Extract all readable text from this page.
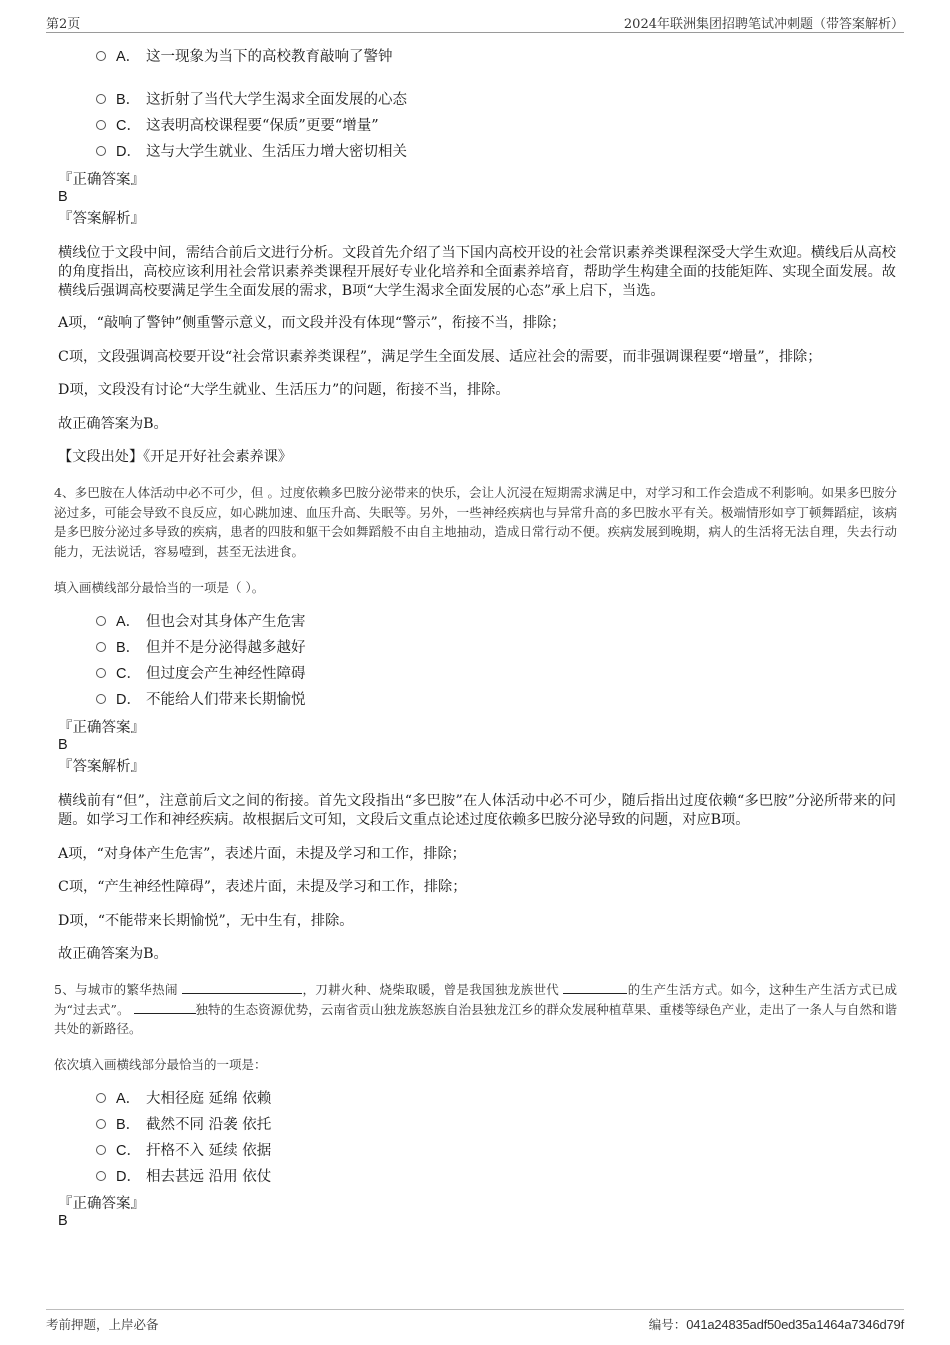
第2页	2024年联洲集团招聘笔试冲刺题（带答案解析）
A． 这一现象为当下的高校教育敲响了警钟
B． 这折射了当代大学生渴求全面发展的心态
C． 这表明高校课程要“保质”更要“增量”
D． 这与大学生就业、生活压力增大密切相关
『正确答案』
B
『答案解析』
横线位于文段中间，需结合前后文进行分析。文段首先介绍了当下国内高校开设的社会常识素养类课程深受大学生欢迎。横线后从高校的角度指出，高校应该利用社会常识素养类课程开展好专业化培养和全面素养培育，帮助学生构建全面的技能矩阵、实现全面发展。故横线后强调高校要满足学生全面发展的需求，B项“大学生渴求全面发展的心态”承上启下，当选。
A项，“敲响了警钟”侧重警示意义，而文段并没有体现“警示”，衔接不当，排除；
C项，文段强调高校要开设“社会常识素养类课程”，满足学生全面发展、适应社会的需要，而非强调课程要“增量”，排除；
D项，文段没有讨论“大学生就业、生活压力”的问题，衔接不当，排除。
故正确答案为B。
【文段出处】《开足开好社会素养课》
4、多巴胺在人体活动中必不可少，但 。过度依赖多巴胺分泌带来的快乐，会让人沉浸在短期需求满足中，对学习和工作会造成不利影响。如果多巴胺分泌过多，可能会导致不良反应，如心跳加速、血压升高、失眠等。另外，一些神经疾病也与异常升高的多巴胺水平有关。极端情形如亨丁顿舞蹈症，该病是多巴胺分泌过多导致的疾病，患者的四肢和躯干会如舞蹈般不由自主地抽动，造成日常行动不便。疾病发展到晚期，病人的生活将无法自理，失去行动能力，无法说话，容易噎到，甚至无法进食。
填入画横线部分最恰当的一项是（ ）。
A． 但也会对其身体产生危害
B． 但并不是分泌得越多越好
C． 但过度会产生神经性障碍
D． 不能给人们带来长期愉悦
『正确答案』
B
『答案解析』
横线前有“但”，注意前后文之间的衔接。首先文段指出“多巴胺”在人体活动中必不可少，随后指出过度依赖“多巴胺”分泌所带来的问题。如学习工作和神经疾病。故根据后文可知，文段后文重点论述过度依赖多巴胺分泌导致的问题，对应B项。
A项，“对身体产生危害”，表述片面，未提及学习和工作，排除；
C项，“产生神经性障碍”，表述片面，未提及学习和工作，排除；
D项，“不能带来长期愉悦”，无中生有，排除。
故正确答案为B。
5、与城市的繁华热闹	，刀耕火种、烧柴取暖，曾是我国独龙族世代	的生产生活方式。如今，这种生产生活方式已成为“过去式”。	独特的生态资源优势，云南省贡山独龙族怒族自治县独龙江乡的群众发展种植草果、重楼等绿色产业，走出了一条人与自然和谐共处的新路径。
依次填入画横线部分最恰当的一项是：
A． 大相径庭 延绵 依赖
B． 截然不同 沿袭 依托
C． 扞格不入 延续 依据
D． 相去甚远 沿用 依仗
『正确答案』
B
考前押题，上岸必备	编号：041a24835adf50ed35a1464a7346d79f
